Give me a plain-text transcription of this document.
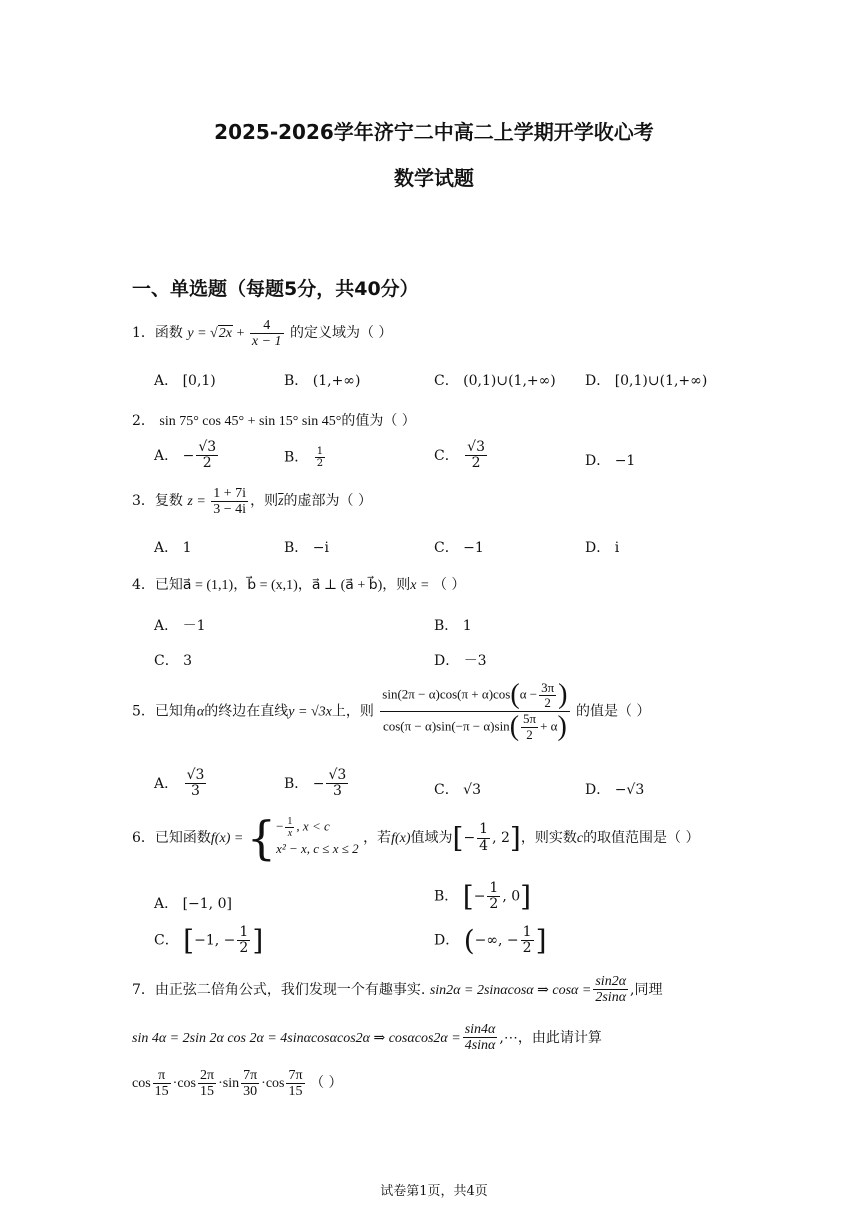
2025-2026学年济宁二中高二上学期开学收心考
数学试题
一、单选题（每题5分，共40分）
1．函数 $y = √2x + \frac{4}{x - 1}$ 的定义域为（ ）
A． [0,1)	B． (1,+∞)	C． (0,1)∪(1,+∞) D． [0,1)∪(1,+∞)
2． sin 75° cos 45° + sin 15° sin 45°的值为（ ）
A． − $\frac{√3}{2}$	B． $\frac{1}{2}$	C． $\frac{√3}{2}$	D． −1
3．复数 $z = \frac{1 + 7i}{3 - 4i}$ ，则$\overline{z}$的虚部为（ ）
A． 1	B． −i	C． −1	D． i
4．已知a⃗ = (1,1)，b⃗ = (x,1)，a⃗ ⊥ (a⃗ + b⃗)，则x = （ ）
A． －1	B． 1
C． 3	D． －3
5．已知角α的终边在直线y = √3x上，则 $\frac{\sin(2\pi - \alpha)\cos(\pi + \alpha)\cos(\alpha - \frac{3\pi}{2} )}{\cos(\pi - \alpha)\sin(-\pi - \alpha)\sin( \frac{5\pi}{2} + \alpha)}$ 的值是（ ）
A． $\frac{√3}{3}$	B． − $\frac{√3}{3}$	C． √3	D． −√3
6．已知函数f(x) = { − $\frac{1}{x}$ , x < c
x² − x, c ≤ x ≤ 2
，若f(x)值域为[− $\frac{1}{4}$ , 2]，则实数c的取值范围是（ ）
A． [−1, 0]	B． [− $\frac{1}{2}$ , 0]
C． [−1, − $\frac{1}{2}$ ]	D． (−∞, − $\frac{1}{2}$ ]
7．由正弦二倍角公式，我们发现一个有趣事实. sin2α = 2sinαcosα ⇒ $\cos\alpha = \frac{\sin 2\alpha}{2\sin\alpha}$ ,同理
sin 4α = 2sin 2α cos 2α = 4sinαcosαcos2α ⇒ $\cos\alpha\cos 2\alpha = \frac{\sin 4\alpha}{4\sin\alpha}$ ,⋯，由此请计算
$\cos \frac{\pi}{15} \cdot\cos \frac{2\pi}{15} \cdot\sin \frac{7\pi}{30} \cdot\cos \frac{7\pi}{15}$ （ ）
试卷第1页，共4页
